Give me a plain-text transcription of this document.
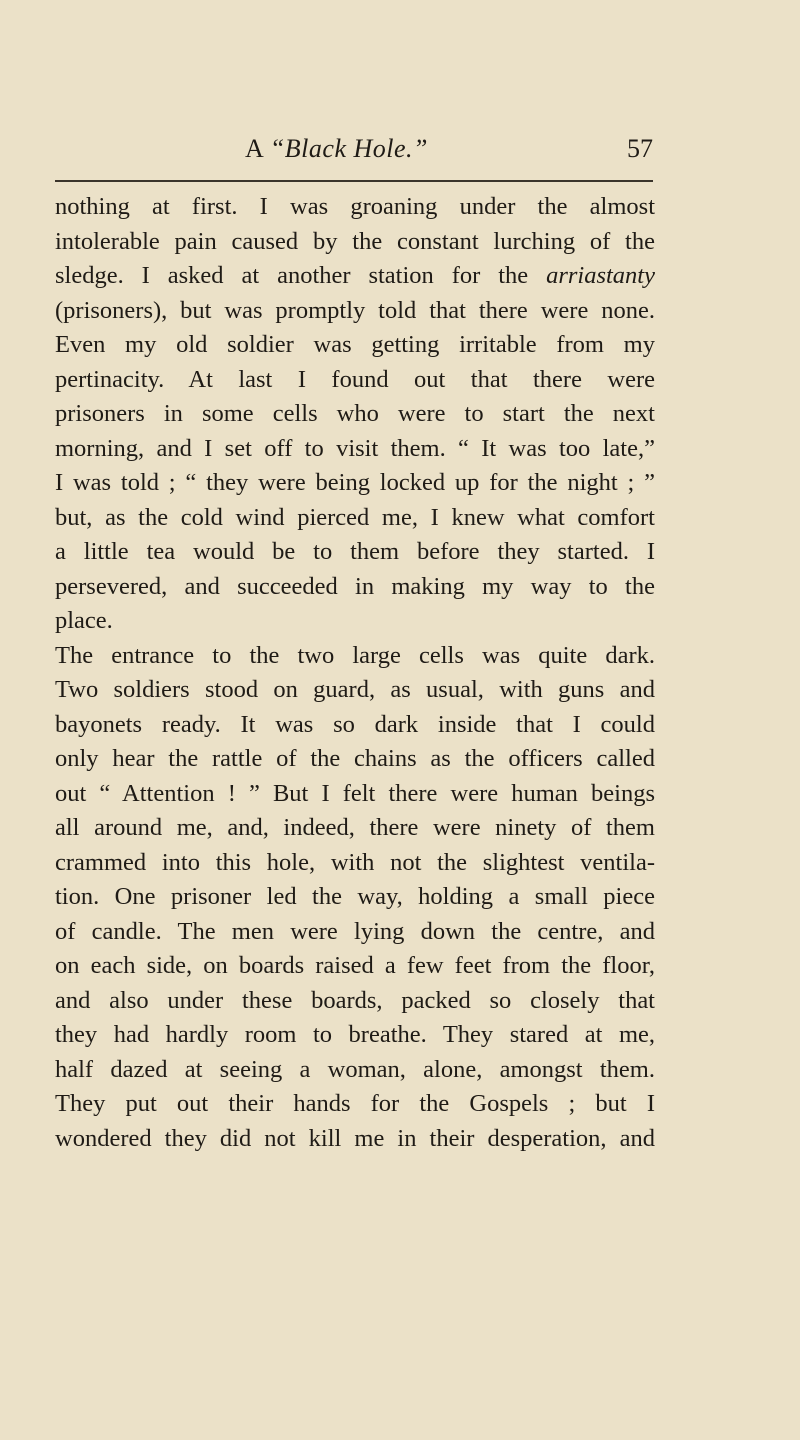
A “Black Hole.”	57
nothing at first. I was groaning under the almost
intolerable pain caused by the constant lurching of the
sledge. I asked at another station for the arriastanty
(prisoners), but was promptly told that there were none.
Even my old soldier was getting irritable from my
pertinacity. At last I found out that there were
prisoners in some cells who were to start the next
morning, and I set off to visit them. “ It was too late,”
I was told ; “ they were being locked up for the night ; ”
but, as the cold wind pierced me, I knew what comfort
a little tea would be to them before they started. I
persevered, and succeeded in making my way to the
place.
The entrance to the two large cells was quite dark.
Two soldiers stood on guard, as usual, with guns and
bayonets ready. It was so dark inside that I could
only hear the rattle of the chains as the officers called
out “ Attention ! ” But I felt there were human beings
all around me, and, indeed, there were ninety of them
crammed into this hole, with not the slightest ventila-
tion. One prisoner led the way, holding a small piece
of candle. The men were lying down the centre, and
on each side, on boards raised a few feet from the floor,
and also under these boards, packed so closely that
they had hardly room to breathe. They stared at me,
half dazed at seeing a woman, alone, amongst them.
They put out their hands for the Gospels ; but I
wondered they did not kill me in their desperation, and
